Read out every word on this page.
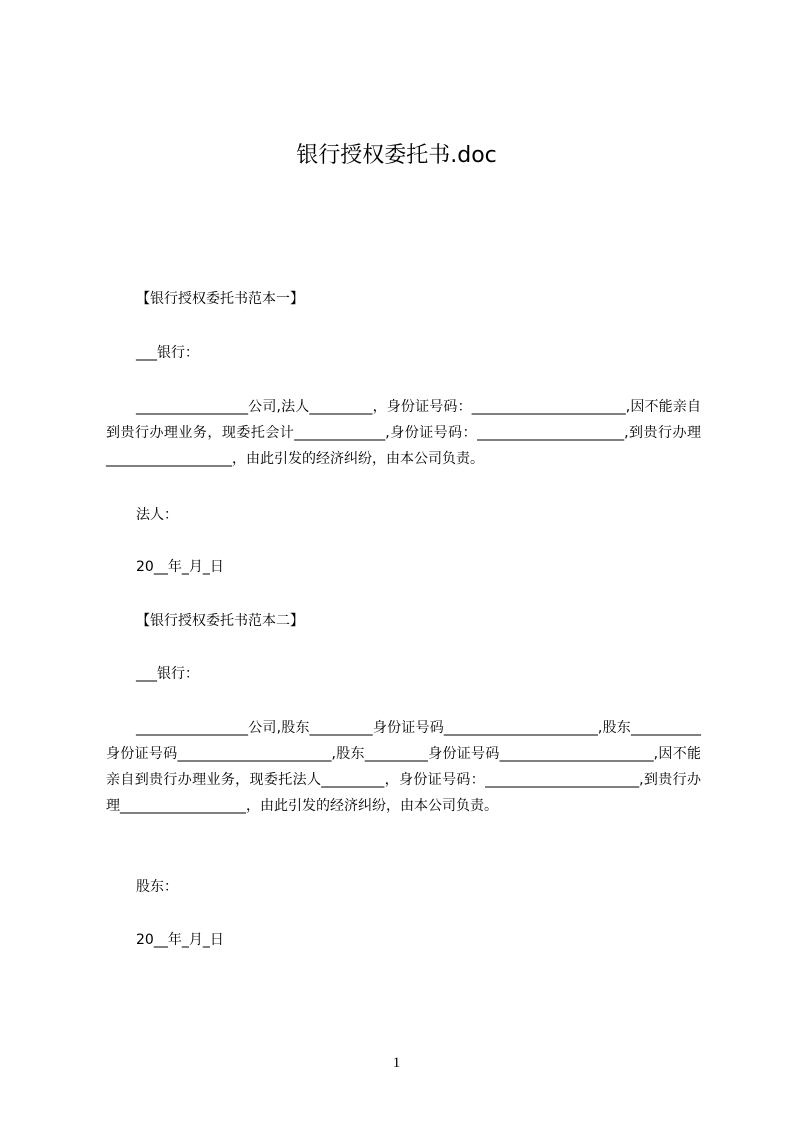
银行授权委托书.doc

【银行授权委托书范本一】

___银行：

________________公司,法人_________，身份证号码：______________________,因不能亲自到贵行办理业务，现委托会计_____________,身份证号码：_____________________,到贵行办理__________________，由此引发的经济纠纷，由本公司负责。

法人：

20__年_月_日

【银行授权委托书范本二】

___银行：

________________公司,股东_________身份证号码______________________,股东__________身份证号码______________________,股东_________身份证号码______________________,因不能亲自到贵行办理业务，现委托法人_________，身份证号码：______________________,到贵行办理__________________，由此引发的经济纠纷，由本公司负责。

股东：

20__年_月_日

1
